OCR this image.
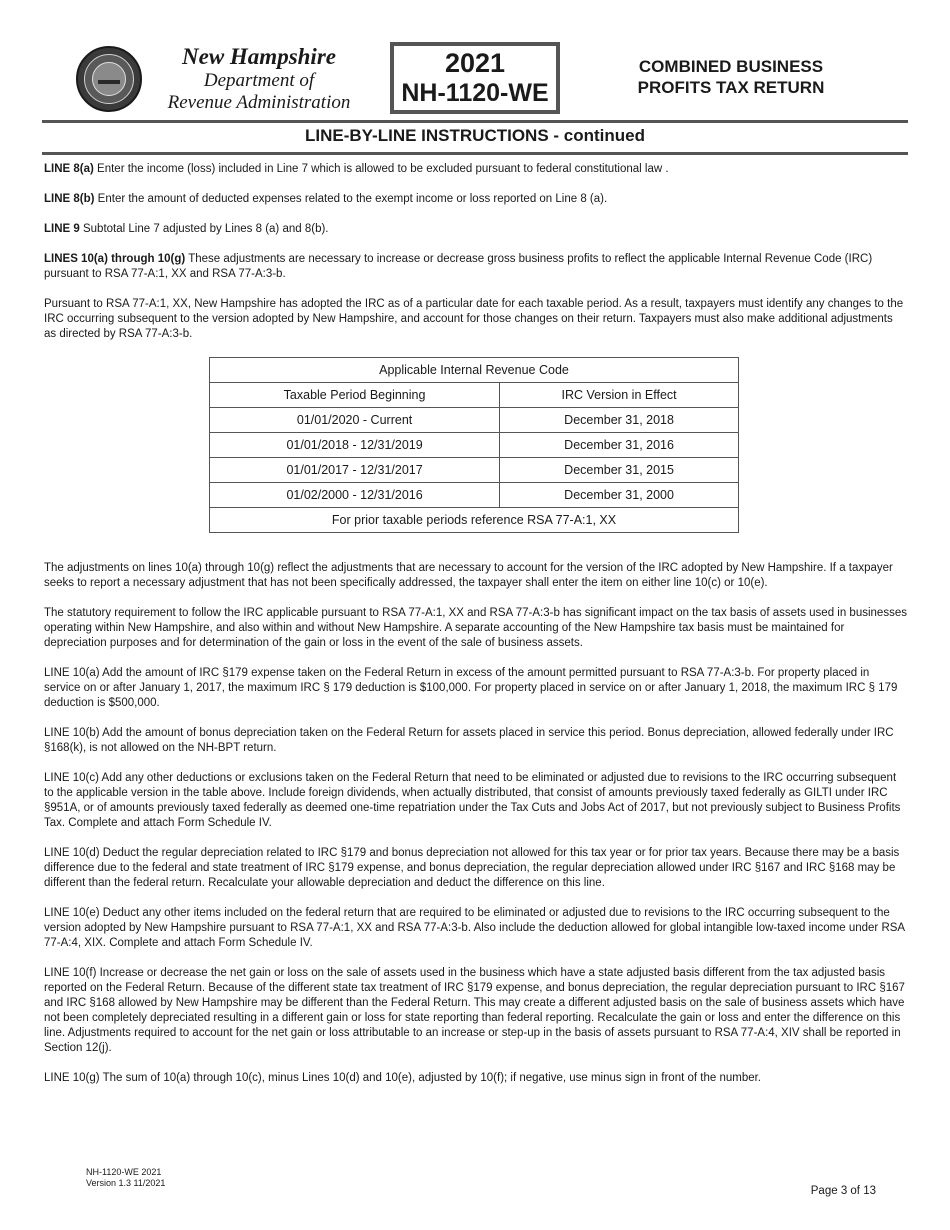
New Hampshire
Department of
Revenue Administration
2021
NH-1120-WE
COMBINED BUSINESS
PROFITS TAX RETURN
LINE-BY-LINE INSTRUCTIONS - continued

LINE 8(a) Enter the income (loss) included in Line 7 which is allowed to be excluded pursuant to federal constitutional law .

LINE 8(b) Enter the amount of deducted expenses related to the exempt income or loss reported on Line 8 (a).

LINE 9 Subtotal Line 7 adjusted by Lines 8 (a) and 8(b).

LINES 10(a) through 10(g) These adjustments are necessary to increase or decrease gross business profits to reflect the applicable Internal Revenue Code (IRC) pursuant to RSA 77-A:1, XX and RSA 77-A:3-b.

Pursuant to RSA 77-A:1, XX, New Hampshire has adopted the IRC as of a particular date for each taxable period. As a result, taxpayers must identify any changes to the IRC occurring subsequent to the version adopted by New Hampshire, and account for those changes on their return. Taxpayers must also make additional adjustments as directed by RSA 77-A:3-b.

Applicable Internal Revenue Code	
Taxable Period Beginning	IRC Version in Effect
01/01/2020 - Current	December 31, 2018
01/01/2018 - 12/31/2019	December 31, 2016
01/01/2017 - 12/31/2017	December 31, 2015
01/02/2000 - 12/31/2016	December 31, 2000
For prior taxable periods reference RSA 77-A:1, XX	

The adjustments on lines 10(a) through 10(g) reflect the adjustments that are necessary to account for the version of the IRC adopted by New Hampshire. If a taxpayer seeks to report a necessary adjustment that has not been specifically addressed, the taxpayer shall enter the item on either line 10(c) or 10(e).

The statutory requirement to follow the IRC applicable pursuant to RSA 77-A:1, XX and RSA 77-A:3-b has significant impact on the tax basis of assets used in businesses operating within New Hampshire, and also within and without New Hampshire. A separate accounting of the New Hampshire tax basis must be maintained for depreciation purposes and for determination of the gain or loss in the event of the sale of business assets.

LINE 10(a) Add the amount of IRC §179 expense taken on the Federal Return in excess of the amount permitted pursuant to RSA 77-A:3-b. For property placed in service on or after January 1, 2017, the maximum IRC § 179 deduction is $100,000. For property placed in service on or after January 1, 2018, the maximum IRC § 179 deduction is $500,000.

LINE 10(b) Add the amount of bonus depreciation taken on the Federal Return for assets placed in service this period. Bonus depreciation, allowed federally under IRC §168(k), is not allowed on the NH-BPT return.

LINE 10(c) Add any other deductions or exclusions taken on the Federal Return that need to be eliminated or adjusted due to revisions to the IRC occurring subsequent to the applicable version in the table above. Include foreign dividends, when actually distributed, that consist of amounts previously taxed federally as GILTI under IRC §951A, or of amounts previously taxed federally as deemed one-time repatriation under the Tax Cuts and Jobs Act of 2017, but not previously subject to Business Profits Tax. Complete and attach Form Schedule IV.

LINE 10(d) Deduct the regular depreciation related to IRC §179 and bonus depreciation not allowed for this tax year or for prior tax years. Because there may be a basis difference due to the federal and state treatment of IRC §179 expense, and bonus depreciation, the regular depreciation allowed under IRC §167 and IRC §168 may be different than the federal return. Recalculate your allowable depreciation and deduct the difference on this line.

LINE 10(e) Deduct any other items included on the federal return that are required to be eliminated or adjusted due to revisions to the IRC occurring subsequent to the version adopted by New Hampshire pursuant to RSA 77-A:1, XX and RSA 77-A:3-b. Also include the deduction allowed for global intangible low-taxed income under RSA 77-A:4, XIX. Complete and attach Form Schedule IV.

LINE 10(f) Increase or decrease the net gain or loss on the sale of assets used in the business which have a state adjusted basis different from the tax adjusted basis reported on the Federal Return. Because of the different state tax treatment of IRC §179 expense, and bonus depreciation, the regular depreciation pursuant to IRC §167 and IRC §168 allowed by New Hampshire may be different than the Federal Return. This may create a different adjusted basis on the sale of business assets which have not been completely depreciated resulting in a different gain or loss for state reporting than federal reporting. Recalculate the gain or loss and enter the difference on this line. Adjustments required to account for the net gain or loss attributable to an increase or step-up in the basis of assets pursuant to RSA 77-A:4, XIV shall be reported in Section 12(j).

LINE 10(g) The sum of 10(a) through 10(c), minus Lines 10(d) and 10(e), adjusted by 10(f); if negative, use minus sign in front of the number.

NH-1120-WE 2021
Version 1.3 11/2021
Page 3 of 13
